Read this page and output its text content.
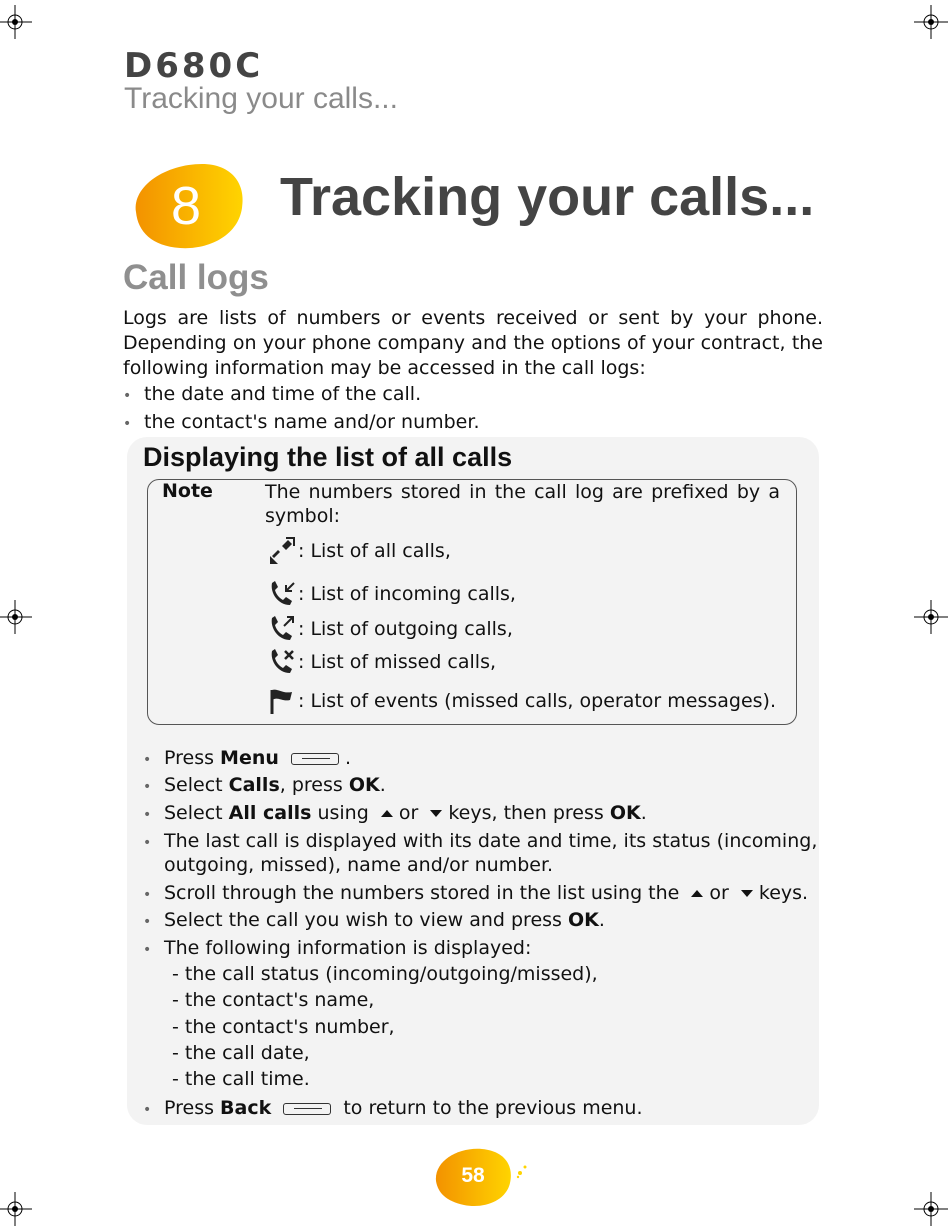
D680C
Tracking your calls...
8	Tracking your calls...
Call logs
Logs are lists of numbers or events received or sent by your phone. Depending on your phone company and the options of your contract, the following information may be accessed in the call logs:
• the date and time of the call.
• the contact's name and/or number.
Displaying the list of all calls
Note	The numbers stored in the call log are prefixed by a symbol:
: List of all calls,
: List of incoming calls,
: List of outgoing calls,
: List of missed calls,
: List of events (missed calls, operator messages).
• Press Menu	.
• Select Calls, press OK.
• Select All calls using or keys, then press OK.
• The last call is displayed with its date and time, its status (incoming,
outgoing, missed), name and/or number.
• Scroll through the numbers stored in the list using the or keys.
• Select the call you wish to view and press OK.
• The following information is displayed:
- the call status (incoming/outgoing/missed),
- the contact's name,
- the contact's number,
- the call date,
- the call time.
• Press Back	to return to the previous menu.
58
